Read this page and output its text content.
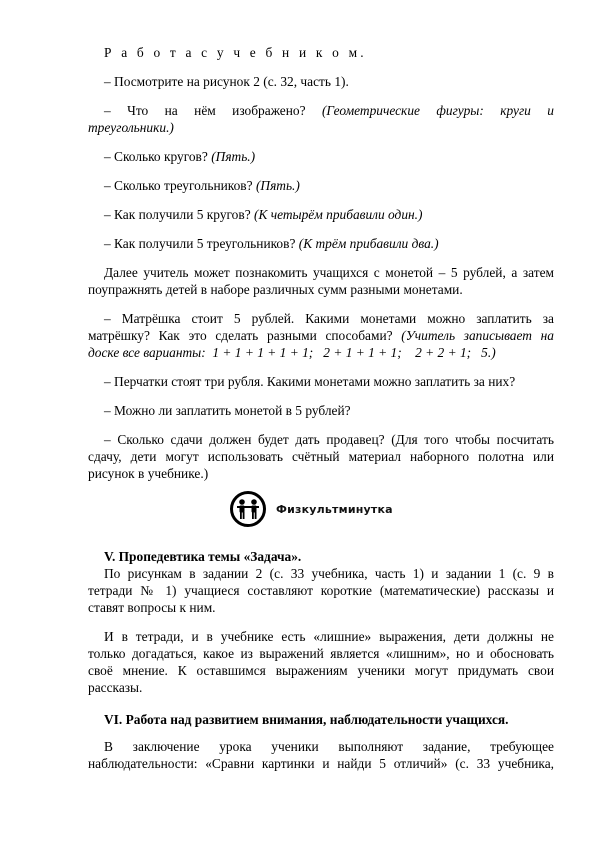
Р а б о т а с у ч е б н и к о м.
– Посмотрите на рисунок 2 (с. 32, часть 1).
– Что на нём изображено? (Геометрические фигуры: круги и
треугольники.)
– Сколько кругов? (Пять.)
– Сколько треугольников? (Пять.)
– Как получили 5 кругов? (К четырём прибавили один.)
– Как получили 5 треугольников? (К трём прибавили два.)
Далее учитель может познакомить учащихся с монетой – 5 рублей, а затем
поупражнять детей в наборе различных сумм разными монетами.
– Матрёшка стоит 5 рублей. Какими монетами можно заплатить за
матрёшку? Как это сделать разными способами? (Учитель записывает на
доске все варианты:  1 + 1 + 1 + 1 + 1;   2 + 1 + 1 + 1;    2 + 2 + 1;   5.)
– Перчатки стоят три рубля. Какими монетами можно заплатить за них?
– Можно ли заплатить монетой в 5 рублей?
– Сколько сдачи должен будет дать продавец? (Для того чтобы посчитать
сдачу, дети могут использовать счётный материал наборного полотна или
рисунок в учебнике.)
V. Пропедевтика темы «Задача».
По рисункам в задании 2 (с. 33 учебника, часть 1) и задании 1 (с. 9 в
тетради № 1) учащиеся составляют короткие (математические) рассказы и
ставят вопросы к ним.
И в тетради, и в учебнике есть «лишние» выражения, дети должны не
только догадаться, какое из выражений является «лишним», но и обосновать
своё мнение. К оставшимся выражениям ученики могут придумать свои
рассказы.
VI. Работа над развитием внимания, наблюдательности учащихся.
В заключение урока ученики выполняют задание, требующее
наблюдательности: «Сравни картинки и найди 5 отличий» (с. 33 учебника,
Физкультминутка
